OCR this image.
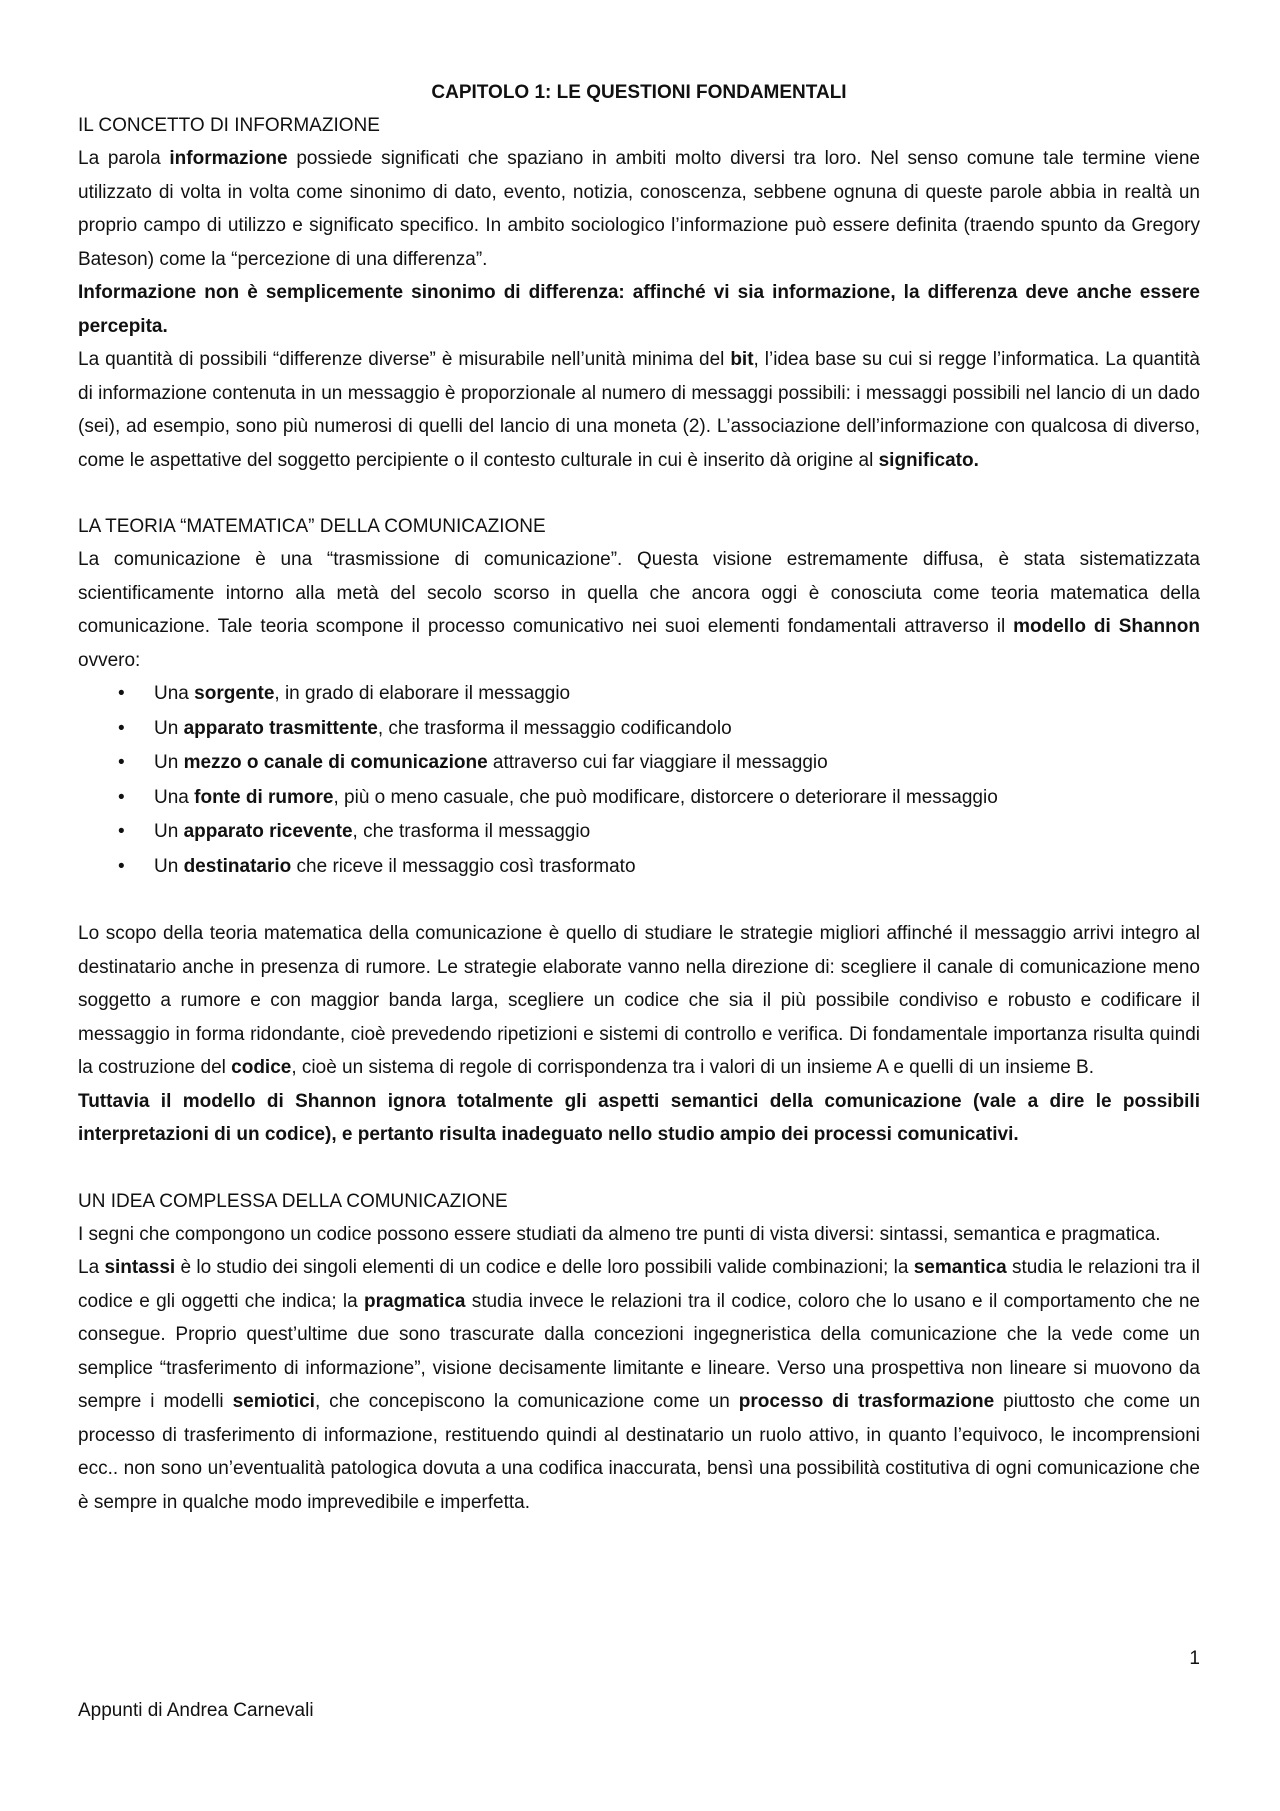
CAPITOLO 1: LE QUESTIONI FONDAMENTALI
IL CONCETTO DI INFORMAZIONE

La parola informazione possiede significati che spaziano in ambiti molto diversi tra loro. Nel senso comune tale termine viene utilizzato di volta in volta come sinonimo di dato, evento, notizia, conoscenza, sebbene ognuna di queste parole abbia in realtà un proprio campo di utilizzo e significato specifico. In ambito sociologico l’informazione può essere definita (traendo spunto da Gregory Bateson) come la “percezione di una differenza”.

Informazione non è semplicemente sinonimo di differenza: affinché vi sia informazione, la differenza deve anche essere percepita.

La quantità di possibili “differenze diverse” è misurabile nell’unità minima del bit, l’idea base su cui si regge l’informatica. La quantità di informazione contenuta in un messaggio è proporzionale al numero di messaggi possibili: i messaggi possibili nel lancio di un dado (sei), ad esempio, sono più numerosi di quelli del lancio di una moneta (2). L’associazione dell’informazione con qualcosa di diverso, come le aspettative del soggetto percipiente o il contesto culturale in cui è inserito dà origine al significato.

LA TEORIA “MATEMATICA” DELLA COMUNICAZIONE

La comunicazione è una “trasmissione di comunicazione”. Questa visione estremamente diffusa, è stata sistematizzata scientificamente intorno alla metà del secolo scorso in quella che ancora oggi è conosciuta come teoria matematica della comunicazione. Tale teoria scompone il processo comunicativo nei suoi elementi fondamentali attraverso il modello di Shannon ovvero:

• Una sorgente, in grado di elaborare il messaggio
• Un apparato trasmittente, che trasforma il messaggio codificandolo
• Un mezzo o canale di comunicazione attraverso cui far viaggiare il messaggio
• Una fonte di rumore, più o meno casuale, che può modificare, distorcere o deteriorare il messaggio
• Un apparato ricevente, che trasforma il messaggio
• Un destinatario che riceve il messaggio così trasformato

Lo scopo della teoria matematica della comunicazione è quello di studiare le strategie migliori affinché il messaggio arrivi integro al destinatario anche in presenza di rumore. Le strategie elaborate vanno nella direzione di: scegliere il canale di comunicazione meno soggetto a rumore e con maggior banda larga, scegliere un codice che sia il più possibile condiviso e robusto e codificare il messaggio in forma ridondante, cioè prevedendo ripetizioni e sistemi di controllo e verifica. Di fondamentale importanza risulta quindi la costruzione del codice, cioè un sistema di regole di corrispondenza tra i valori di un insieme A e quelli di un insieme B.

Tuttavia il modello di Shannon ignora totalmente gli aspetti semantici della comunicazione (vale a dire le possibili interpretazioni di un codice), e pertanto risulta inadeguato nello studio ampio dei processi comunicativi.

UN IDEA COMPLESSA DELLA COMUNICAZIONE

I segni che compongono un codice possono essere studiati da almeno tre punti di vista diversi: sintassi, semantica e pragmatica.

La sintassi è lo studio dei singoli elementi di un codice e delle loro possibili valide combinazioni; la semantica studia le relazioni tra il codice e gli oggetti che indica; la pragmatica studia invece le relazioni tra il codice, coloro che lo usano e il comportamento che ne consegue. Proprio quest’ultime due sono trascurate dalla concezioni ingegneristica della comunicazione che la vede come un semplice “trasferimento di informazione”, visione decisamente limitante e lineare. Verso una prospettiva non lineare si muovono da sempre i modelli semiotici, che concepiscono la comunicazione come un processo di trasformazione piuttosto che come un processo di trasferimento di informazione, restituendo quindi al destinatario un ruolo attivo, in quanto l’equivoco, le incomprensioni ecc.. non sono un’eventualità patologica dovuta a una codifica inaccurata, bensì una possibilità costitutiva di ogni comunicazione che è sempre in qualche modo imprevedibile e imperfetta.

1
Appunti di Andrea Carnevali
